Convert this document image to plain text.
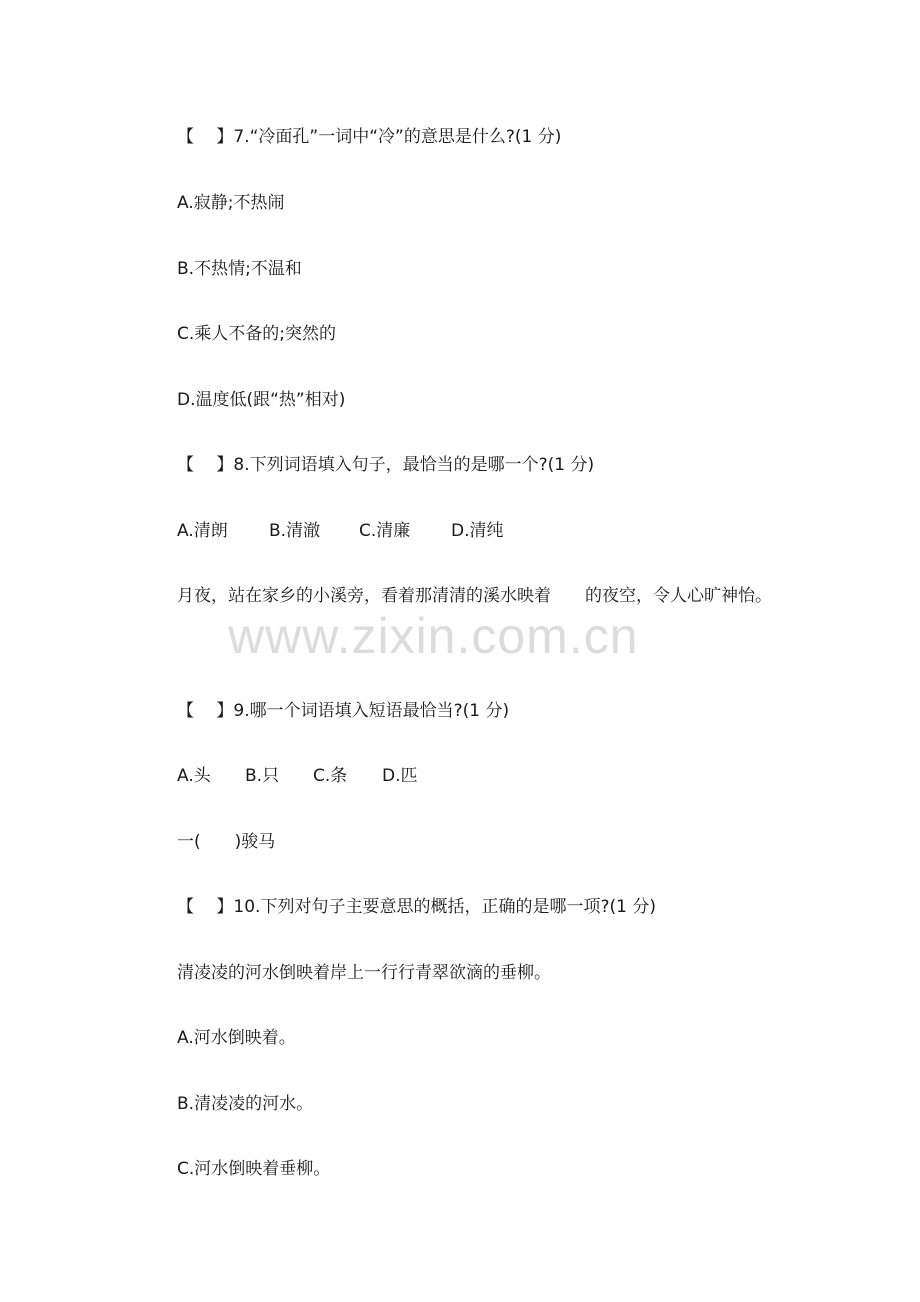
www.zixin.com.cn
【　 】7.“冷面孔”一词中“冷”的意思是什么?(1 分)
A.寂静;不热闹
B.不热情;不温和
C.乘人不备的;突然的
D.温度低(跟“热”相对)
【　 】8.下列词语填入句子，最恰当的是哪一个?(1 分)
A.清朗	B.清澈	C.清廉	D.清纯
月夜，站在家乡的小溪旁，看着那清清的溪水映着　　的夜空，令人心旷神怡。
【　 】9.哪一个词语填入短语最恰当?(1 分)
A.头	B.只	C.条	D.匹
一(　　)骏马
【　 】10.下列对句子主要意思的概括，正确的是哪一项?(1 分)
清凌凌的河水倒映着岸上一行行青翠欲滴的垂柳。
A.河水倒映着。
B.清凌凌的河水。
C.河水倒映着垂柳。
